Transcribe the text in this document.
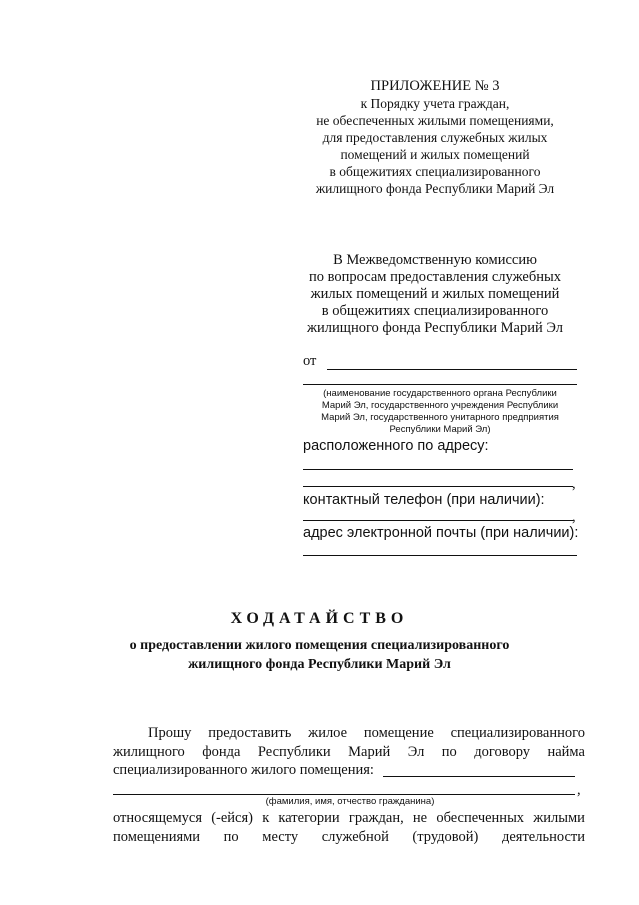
ПРИЛОЖЕНИЕ № 3
к Порядку учета граждан,
не обеспеченных жилыми помещениями,
для предоставления служебных жилых
помещений и жилых помещений
в общежитиях специализированного
жилищного фонда Республики Марий Эл
В Межведомственную комиссию
по вопросам предоставления служебных
жилых помещений и жилых помещений
в общежитиях специализированного
жилищного фонда Республики Марий Эл
от
(наименование государственного органа Республики
Марий Эл, государственного учреждения Республики
Марий Эл, государственного унитарного предприятия
Республики Марий Эл)
расположенного по адресу:
,
контактный телефон (при наличии):
,
адрес электронной почты (при наличии):
ХОДАТАЙСТВО
о предоставлении жилого помещения специализированного
жилищного фонда Республики Марий Эл
Прошу предоставить жилое помещение специализированного
жилищного фонда Республики Марий Эл по договору найма
специализированного жилого помещения:
,
(фамилия, имя, отчество гражданина)
относящемуся (-ейся) к категории граждан, не обеспеченных жилыми
помещениями по месту служебной (трудовой) деятельности
